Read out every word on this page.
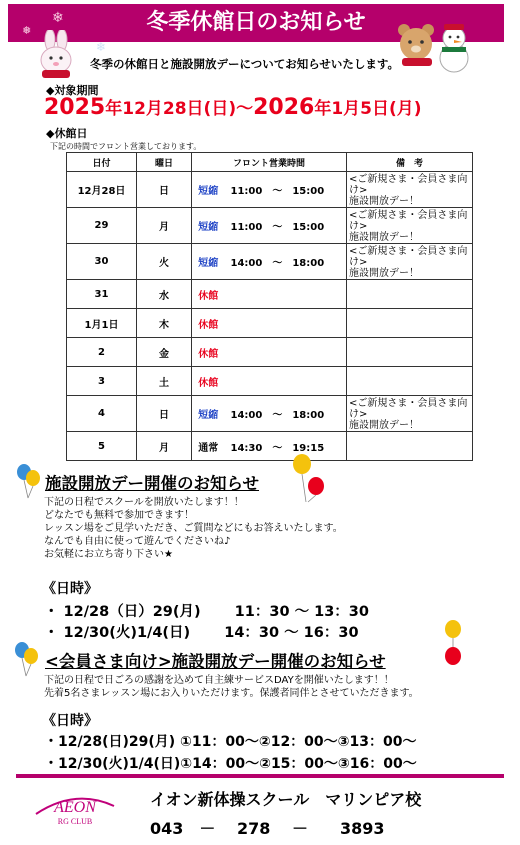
冬季休館日のお知らせ
❄
❅
❄
冬季の休館日と施設開放デーについてお知らせいたします。
◆対象期間
2025年12月28日(日)～2026年1月5日(月)
◆休館日
下記の時間でフロント営業しております。
日付	曜日	フロント営業時間		備　考
12月28日	日	短縮	11:00　～　15:00	<ご新規さま・会員さま向け>
施設開放デー！

29	月	短縮	11:00　～　15:00	<ご新規さま・会員さま向け>
施設開放デー！

30	火	短縮	14:00　～　18:00	<ご新規さま・会員さま向け>
施設開放デー！

31	水	休館		

1月1日	木	休館		

2	金	休館		

3	土	休館		

4	日	短縮	14:00　～　18:00	<ご新規さま・会員さま向け>
施設開放デー！

5	月	通常	14:30　～　19:15	
施設開放デー開催のお知らせ
下記の日程でスクールを開放いたします！！
どなたでも無料で参加できます！
レッスン場をご見学いただき、ご質問などにもお答えいたします。
なんでも自由に使って遊んでくださいね♪
お気軽にお立ち寄り下さい★
《日時》
・ 12/28（日）29(月)　　 11：30 ～ 13：30
・ 12/30(火)1/4(日)　　 14：30 ～ 16：30
<会員さま向け>施設開放デー開催のお知らせ
下記の日程で日ごろの感謝を込めて自主練サービスDAYを開催いたします！！
先着5名さまレッスン場にお入りいただけます。保護者同伴とさせていただきます。
《日時》
・12/28(日)29(月) ①11：00～②12：00～③13：00～
・12/30(火)1/4(日)①14：00～②15：00～③16：00～
AEON
RG CLUB
イオン新体操スクール　マリンピア校
043　－　 278　 －　　3893
